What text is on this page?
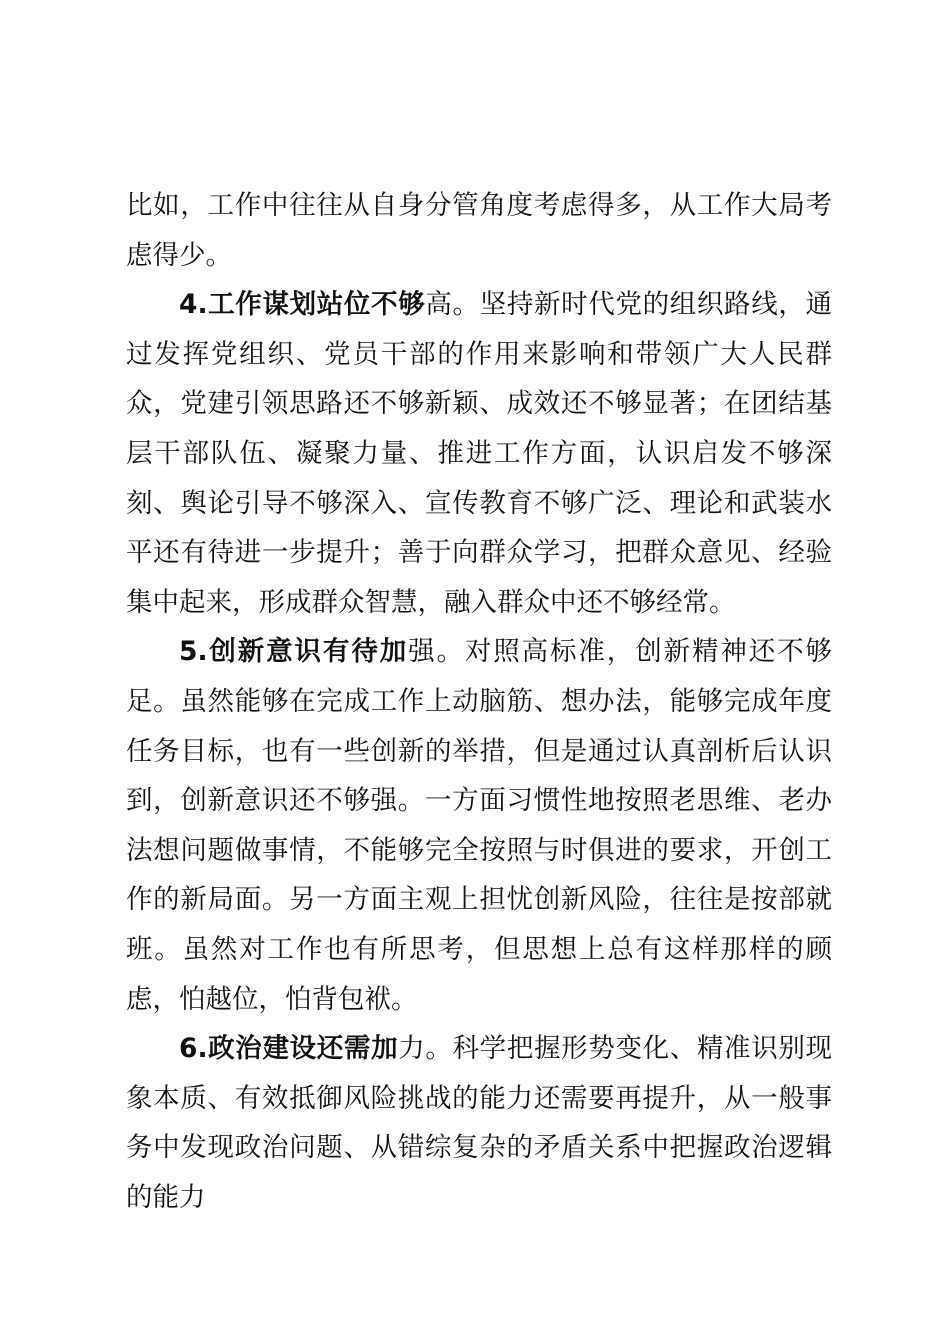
比如，工作中往往从自身分管角度考虑得多，从工作大局考虑得少。

4.工作谋划站位不够高。坚持新时代党的组织路线，通过发挥党组织、党员干部的作用来影响和带领广大人民群众，党建引领思路还不够新颖、成效还不够显著；在团结基层干部队伍、凝聚力量、推进工作方面，认识启发不够深刻、舆论引导不够深入、宣传教育不够广泛、理论和武装水平还有待进一步提升；善于向群众学习，把群众意见、经验集中起来，形成群众智慧，融入群众中还不够经常。

5.创新意识有待加强。对照高标准，创新精神还不够足。虽然能够在完成工作上动脑筋、想办法，能够完成年度任务目标，也有一些创新的举措，但是通过认真剖析后认识到，创新意识还不够强。一方面习惯性地按照老思维、老办法想问题做事情，不能够完全按照与时俱进的要求，开创工作的新局面。另一方面主观上担忧创新风险，往往是按部就班。虽然对工作也有所思考，但思想上总有这样那样的顾虑，怕越位，怕背包袱。

6.政治建设还需加力。科学把握形势变化、精准识别现象本质、有效抵御风险挑战的能力还需要再提升，从一般事务中发现政治问题、从错综复杂的矛盾关系中把握政治逻辑的能力
